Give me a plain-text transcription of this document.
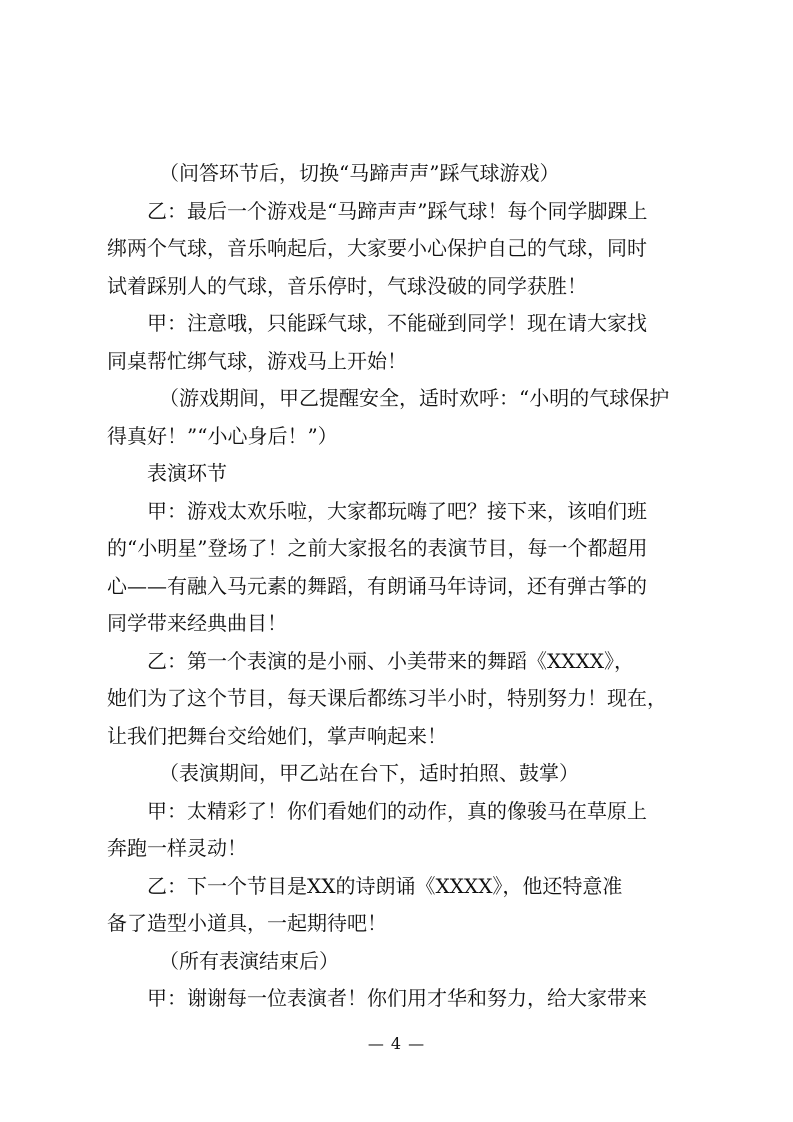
（问答环节后，切换“马蹄声声”踩气球游戏）
乙：最后一个游戏是“马蹄声声”踩气球！每个同学脚踝上
绑两个气球，音乐响起后，大家要小心保护自己的气球，同时
试着踩别人的气球，音乐停时，气球没破的同学获胜！
甲：注意哦，只能踩气球，不能碰到同学！现在请大家找
同桌帮忙绑气球，游戏马上开始！
（游戏期间，甲乙提醒安全，适时欢呼：“小明的气球保护
得真好！”“小心身后！”）
表演环节
甲：游戏太欢乐啦，大家都玩嗨了吧？接下来，该咱们班
的“小明星”登场了！之前大家报名的表演节目，每一个都超用
心——有融入马元素的舞蹈，有朗诵马年诗词，还有弹古筝的
同学带来经典曲目！
乙：第一个表演的是小丽、小美带来的舞蹈《XXXX》，
她们为了这个节目，每天课后都练习半小时，特别努力！现在，
让我们把舞台交给她们，掌声响起来！
（表演期间，甲乙站在台下，适时拍照、鼓掌）
甲：太精彩了！你们看她们的动作，真的像骏马在草原上
奔跑一样灵动！
乙：下一个节目是XX的诗朗诵《XXXX》，他还特意准
备了造型小道具，一起期待吧！
（所有表演结束后）
甲：谢谢每一位表演者！你们用才华和努力，给大家带来
— 4 —
